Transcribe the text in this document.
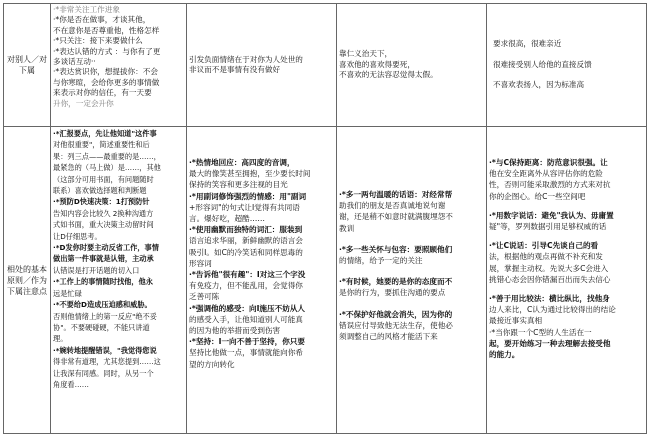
对别人／对下属
·*非常关注工作进象
·*你是否在做事，才谈其他，
不在意你是否尊重他，性格怎样
·*只关注：接下来要做什么
·*表达认错的方式 ：与你有了更
多谈话互动··
·*表达赏识你，想提拔你：不会
与你寒暄，会给你更多的事情做
来表示对你的信任，有一天要
升你，一定会升你
引发负面情绪在于对你为人处世的
非议而不是事情有没有做好
靠仁义治天下，
喜欢他的喜欢得要死，
不喜欢的无法容忍觉得太假。
要求很高，很难亲近
很难接受别人给他的直接反馈
不喜欢表扬人，因为标准高
相处的基本原则／作为下属注意点
·*汇报要点，先让他知道"这件事
对他很重要"，简述重要性和后
果：列三点——最重要的是……，
最紧急的（马上做）是……，其他
（这部分可用书面，有问题随时
联系）喜欢做选择题和判断题
·*预防D快速决策：1打预防针
告知内容会比较久 2换种沟通方
式如书面，重大决策主动留时间
让D仔细思考。
·*D发你时要主动反省工作，事情
做出第一件事就是认错，主动承
认错误是打开话题的切入口
·*工作上的事情随时找他，他永
远是忙碌
·*不要给D造成压迫感和威胁。
否则他情绪上的第一反应"绝不妥
协"。不要硬碰硬，不能只讲道
理。
·*婉转地提醒错误，"我觉得您说
得非常有道理，尤其您提到……这
让我深有同感。同时，从另一个
角度看……
·*热情地回应：高四度的音调，
最大的像笑甚至拥抱，至少要长时间
保持的笑容和更多注视的目光
·*用副词修饰强烈的情感：用"副词
+形容词"的句式让I觉得有共同语
言。爆好吃，超酷……
·*使用幽默而独特的词汇：服装到
语言追求华丽，新鲜幽默的语言会
吸引I。如C的冷笑话和同样思毒的
形容词
·*告诉他"很有趣"：I对这三个字没
有免疫力，但不能乱用，会觉得你
乏善可陈
·*强调他的感受：向I施压不妨从人
的感受入手，让他知道别人可能真
的因为他的举措而受到伤害
·*坚持：I一向不善于坚持，你只要
坚持比他做一点，事情就能向你希
望的方向转化
·*多一两句温暖的话语：对经常帮
助我们的朋友是否真诚地说句谢
谢，还是稍不如意时就满腹埋怨不
教训
·*多一些关怀与包容：要照顾他们
的情绪，给予一定的关注
·*有时候，她要的是你的态度而不
是你的行为，要抓住沟通的要点
·*不保护好他就会消失，因为你的
错误应付导致他无法生存，使他必
须调整自己的风格才能活下来
·*与C保持距离：防范意识很强。让
他在安全距离外从容评估你的危险
性，否则可能采取激烈的方式来对抗
你的企图心。给C一些空间吧
·*用数字说话：避免"我认为、毋庸置
疑"等，罗列数据引用足够权威的话
·*让C说话：引导C先谈自己的看
法，根据他的观点再做不补充和发
展，掌握主动权。先说大多C会进入
挑错心态会因你错漏百出而失去信心
·*善于用比较法：横比纵比，找他身
边人来比，C认为通过比较得出的结论
最接近事实真相
·*当你跟一个C型的人生活在一
起，要开始练习一种去理解去接受他
的能力。
